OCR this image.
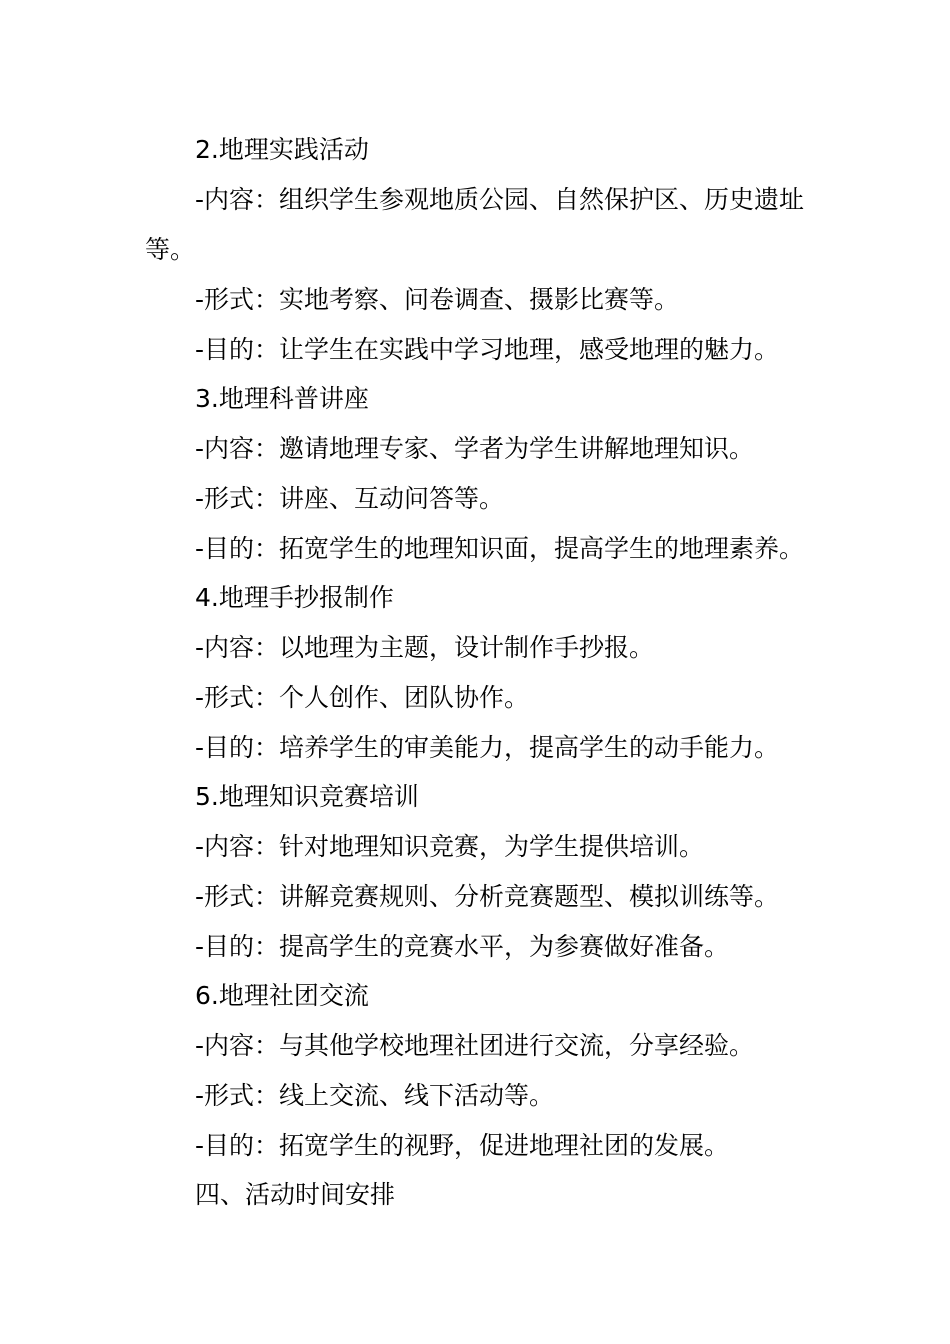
2.地理实践活动

-内容：组织学生参观地质公园、自然保护区、历史遗址等。

-形式：实地考察、问卷调查、摄影比赛等。

-目的：让学生在实践中学习地理，感受地理的魅力。

3.地理科普讲座

-内容：邀请地理专家、学者为学生讲解地理知识。

-形式：讲座、互动问答等。

-目的：拓宽学生的地理知识面，提高学生的地理素养。

4.地理手抄报制作

-内容：以地理为主题，设计制作手抄报。

-形式：个人创作、团队协作。

-目的：培养学生的审美能力，提高学生的动手能力。

5.地理知识竞赛培训

-内容：针对地理知识竞赛，为学生提供培训。

-形式：讲解竞赛规则、分析竞赛题型、模拟训练等。

-目的：提高学生的竞赛水平，为参赛做好准备。

6.地理社团交流

-内容：与其他学校地理社团进行交流，分享经验。

-形式：线上交流、线下活动等。

-目的：拓宽学生的视野，促进地理社团的发展。

四、活动时间安排
